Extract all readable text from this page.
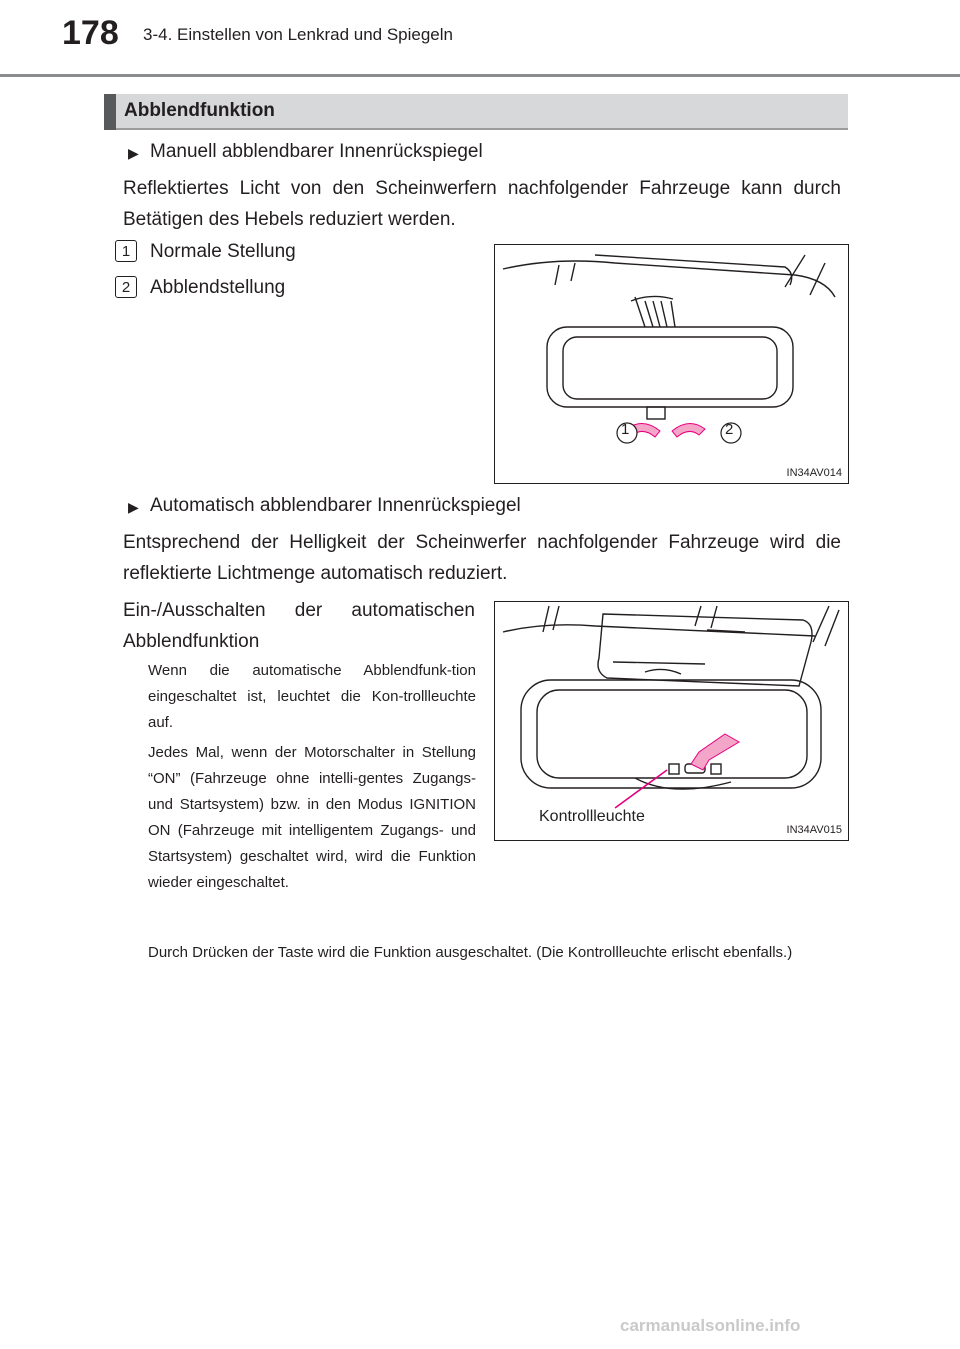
178 3-4. Einstellen von Lenkrad und Spiegeln
Abblendfunktion
▶ Manuell abblendbarer Innenrückspiegel
Reflektiertes Licht von den Scheinwerfern nachfolgender Fahrzeuge kann durch Betätigen des Hebels reduziert werden.
1	Normale Stellung
2	Abblendstellung
1	2
IN34AV014
▶ Automatisch abblendbarer Innenrückspiegel
Entsprechend der Helligkeit der Scheinwerfer nachfolgender Fahrzeuge wird die reflektierte Lichtmenge automatisch reduziert.
Ein-/Ausschalten der automatischen Abblendfunktion
Wenn die automatische Abblendfunk-tion eingeschaltet ist, leuchtet die Kon-trollleuchte auf.
Jedes Mal, wenn der Motorschalter in Stellung “ON” (Fahrzeuge ohne intelli-gentes Zugangs- und Startsystem) bzw. in den Modus IGNITION ON (Fahrzeuge mit intelligentem Zugangs- und Startsystem) geschaltet wird, wird die Funktion wieder eingeschaltet.
Durch Drücken der Taste wird die Funktion ausgeschaltet. (Die Kontrollleuchte erlischt ebenfalls.)
Kontrollleuchte
IN34AV015
carmanualsonline.info
